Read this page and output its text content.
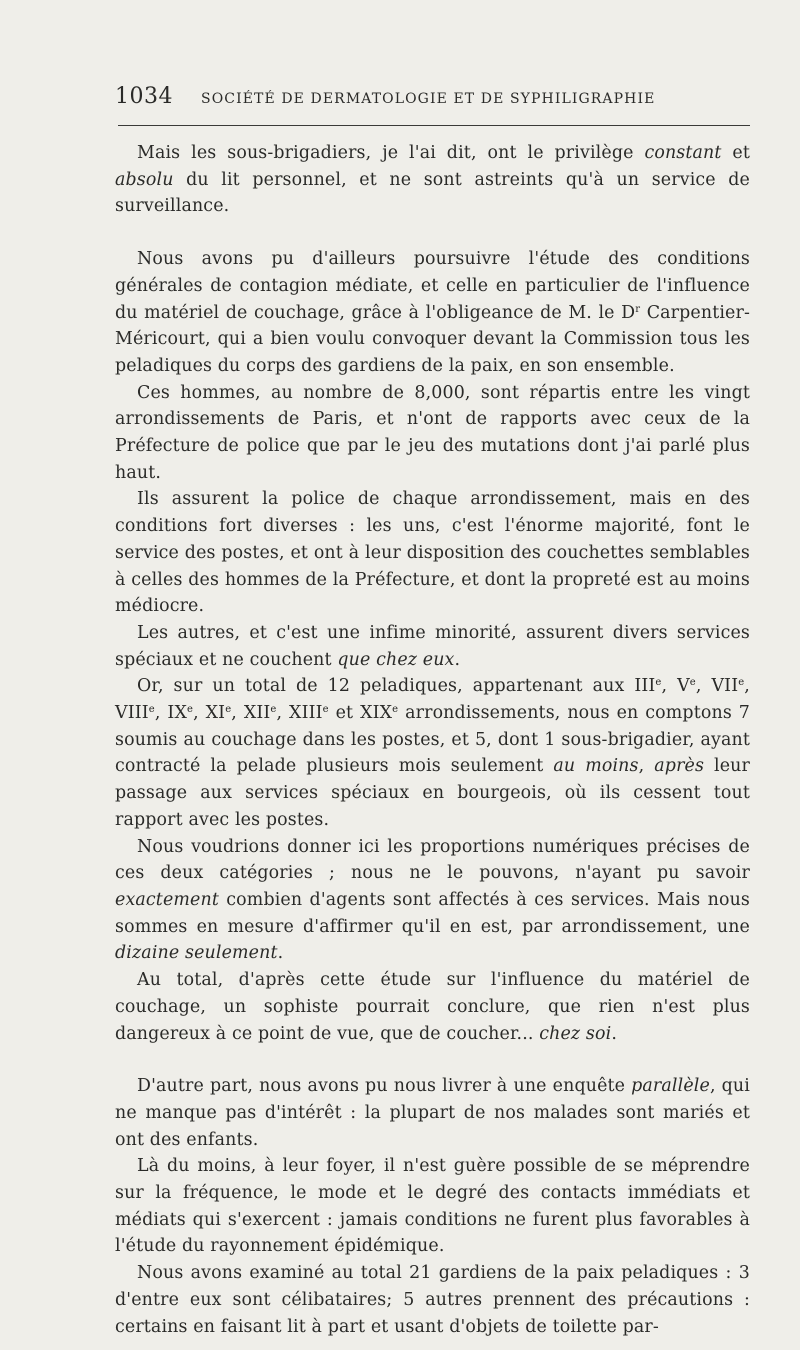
1034 SOCIÉTÉ DE DERMATOLOGIE ET DE SYPHILIGRAPHIE

Mais les sous-brigadiers, je l'ai dit, ont le privilège constant et absolu du lit personnel, et ne sont astreints qu'à un service de surveillance.

Nous avons pu d'ailleurs poursuivre l'étude des conditions générales de contagion médiate, et celle en particulier de l'influence du matériel de couchage, grâce à l'obligeance de M. le $D^r$ Carpentier-Méricourt, qui a bien voulu convoquer devant la Commission tous les peladiques du corps des gardiens de la paix, en son ensemble.

Ces hommes, au nombre de 8,000, sont répartis entre les vingt arrondissements de Paris, et n'ont de rapports avec ceux de la Préfecture de police que par le jeu des mutations dont j'ai parlé plus haut.

Ils assurent la police de chaque arrondissement, mais en des conditions fort diverses : les uns, c'est l'énorme majorité, font le service des postes, et ont à leur disposition des couchettes semblables à celles des hommes de la Préfecture, et dont la propreté est au moins médiocre.

Les autres, et c'est une infime minorité, assurent divers services spéciaux et ne couchent que chez eux.

Or, sur un total de 12 peladiques, appartenant aux IIIe, Ve, VIIe, VIIIe, IXe, XIe, XIIe, XIIIe et XIXe arrondissements, nous en comptons 7 soumis au couchage dans les postes, et 5, dont 1 sous-brigadier, ayant contracté la pelade plusieurs mois seulement au moins, après leur passage aux services spéciaux en bourgeois, où ils cessent tout rapport avec les postes.

Nous voudrions donner ici les proportions numériques précises de ces deux catégories ; nous ne le pouvons, n'ayant pu savoir exactement combien d'agents sont affectés à ces services. Mais nous sommes en mesure d'affirmer qu'il en est, par arrondissement, une dizaine seulement.

Au total, d'après cette étude sur l'influence du matériel de couchage, un sophiste pourrait conclure, que rien n'est plus dangereux à ce point de vue, que de coucher... chez soi.

D'autre part, nous avons pu nous livrer à une enquête parallèle, qui ne manque pas d'intérêt : la plupart de nos malades sont mariés et ont des enfants.

Là du moins, à leur foyer, il n'est guère possible de se méprendre sur la fréquence, le mode et le degré des contacts immédiats et médiats qui s'exercent : jamais conditions ne furent plus favorables à l'étude du rayonnement épidémique.

Nous avons examiné au total 21 gardiens de la paix peladiques : 3 d'entre eux sont célibataires; 5 autres prennent des précautions : certains en faisant lit à part et usant d'objets de toilette par-
